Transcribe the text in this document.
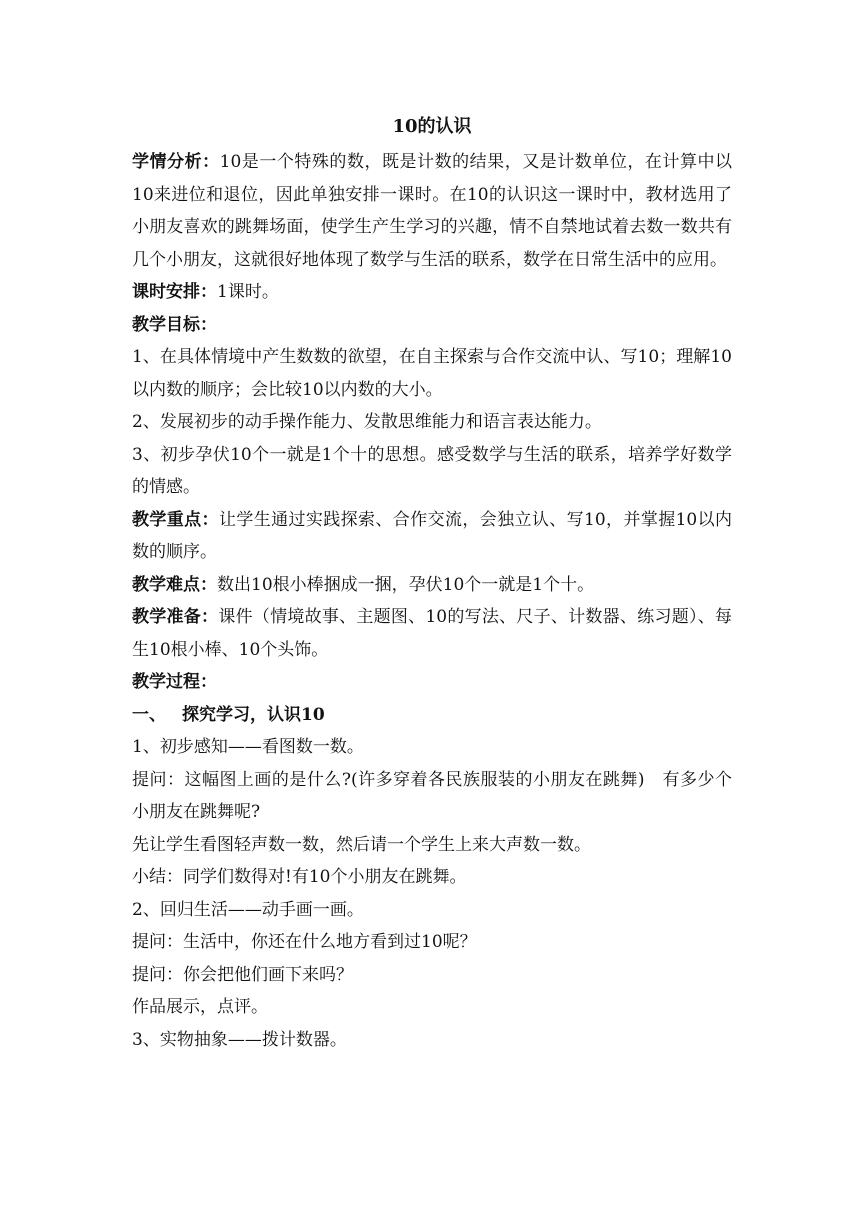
10的认识

学情分析：10是一个特殊的数，既是计数的结果，又是计数单位，在计算中以10来进位和退位，因此单独安排一课时。在10的认识这一课时中，教材选用了小朋友喜欢的跳舞场面，使学生产生学习的兴趣，情不自禁地试着去数一数共有几个小朋友，这就很好地体现了数学与生活的联系，数学在日常生活中的应用。

课时安排：1课时。

教学目标：

1、在具体情境中产生数数的欲望，在自主探索与合作交流中认、写10；理解10以内数的顺序；会比较10以内数的大小。

2、发展初步的动手操作能力、发散思维能力和语言表达能力。

3、初步孕伏10个一就是1个十的思想。感受数学与生活的联系，培养学好数学的情感。

教学重点：让学生通过实践探索、合作交流，会独立认、写10，并掌握10以内数的顺序。

教学难点：数出10根小棒捆成一捆，孕伏10个一就是1个十。

教学准备：课件（情境故事、主题图、10的写法、尺子、计数器、练习题）、每生10根小棒、10个头饰。

教学过程：

一、 探究学习，认识10

1、初步感知——看图数一数。

提问：这幅图上画的是什么?(许多穿着各民族服装的小朋友在跳舞)　有多少个小朋友在跳舞呢?

先让学生看图轻声数一数，然后请一个学生上来大声数一数。

小结：同学们数得对!有10个小朋友在跳舞。

2、回归生活——动手画一画。

提问：生活中，你还在什么地方看到过10呢？

提问：你会把他们画下来吗？

作品展示，点评。

3、实物抽象——拨计数器。
